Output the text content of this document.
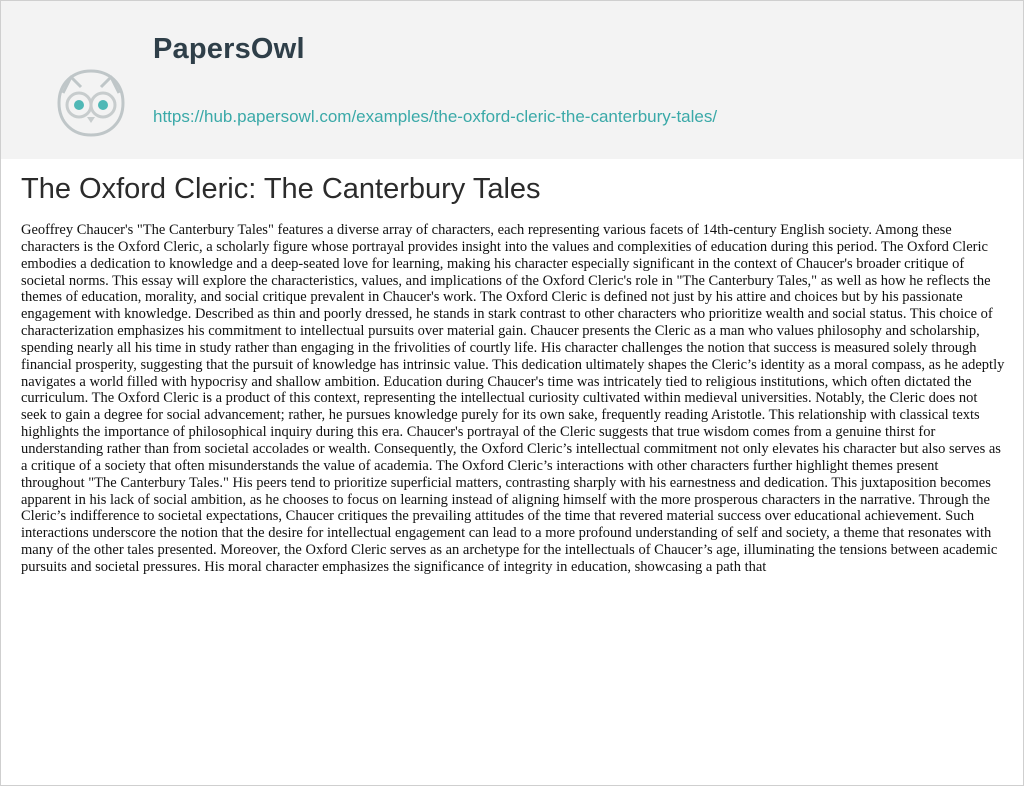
PapersOwl
https://hub.papersowl.com/examples/the-oxford-cleric-the-canterbury-tales/
The Oxford Cleric: The Canterbury Tales

Geoffrey Chaucer's "The Canterbury Tales" features a diverse array of characters, each representing various facets of 14th-century English society. Among these characters is the Oxford Cleric, a scholarly figure whose portrayal provides insight into the values and complexities of education during this period. The Oxford Cleric embodies a dedication to knowledge and a deep-seated love for learning, making his character especially significant in the context of Chaucer's broader critique of societal norms. This essay will explore the characteristics, values, and implications of the Oxford Cleric's role in "The Canterbury Tales," as well as how he reflects the themes of education, morality, and social critique prevalent in Chaucer's work. The Oxford Cleric is defined not just by his attire and choices but by his passionate engagement with knowledge. Described as thin and poorly dressed, he stands in stark contrast to other characters who prioritize wealth and social status. This choice of characterization emphasizes his commitment to intellectual pursuits over material gain. Chaucer presents the Cleric as a man who values philosophy and scholarship, spending nearly all his time in study rather than engaging in the frivolities of courtly life. His character challenges the notion that success is measured solely through financial prosperity, suggesting that the pursuit of knowledge has intrinsic value. This dedication ultimately shapes the Cleric’s identity as a moral compass, as he adeptly navigates a world filled with hypocrisy and shallow ambition. Education during Chaucer's time was intricately tied to religious institutions, which often dictated the curriculum. The Oxford Cleric is a product of this context, representing the intellectual curiosity cultivated within medieval universities. Notably, the Cleric does not seek to gain a degree for social advancement; rather, he pursues knowledge purely for its own sake, frequently reading Aristotle. This relationship with classical texts highlights the importance of philosophical inquiry during this era. Chaucer's portrayal of the Cleric suggests that true wisdom comes from a genuine thirst for understanding rather than from societal accolades or wealth. Consequently, the Oxford Cleric’s intellectual commitment not only elevates his character but also serves as a critique of a society that often misunderstands the value of academia. The Oxford Cleric’s interactions with other characters further highlight themes present throughout "The Canterbury Tales." His peers tend to prioritize superficial matters, contrasting sharply with his earnestness and dedication. This juxtaposition becomes apparent in his lack of social ambition, as he chooses to focus on learning instead of aligning himself with the more prosperous characters in the narrative. Through the Cleric’s indifference to societal expectations, Chaucer critiques the prevailing attitudes of the time that revered material success over educational achievement. Such interactions underscore the notion that the desire for intellectual engagement can lead to a more profound understanding of self and society, a theme that resonates with many of the other tales presented. Moreover, the Oxford Cleric serves as an archetype for the intellectuals of Chaucer’s age, illuminating the tensions between academic pursuits and societal pressures. His moral character emphasizes the significance of integrity in education, showcasing a path that
